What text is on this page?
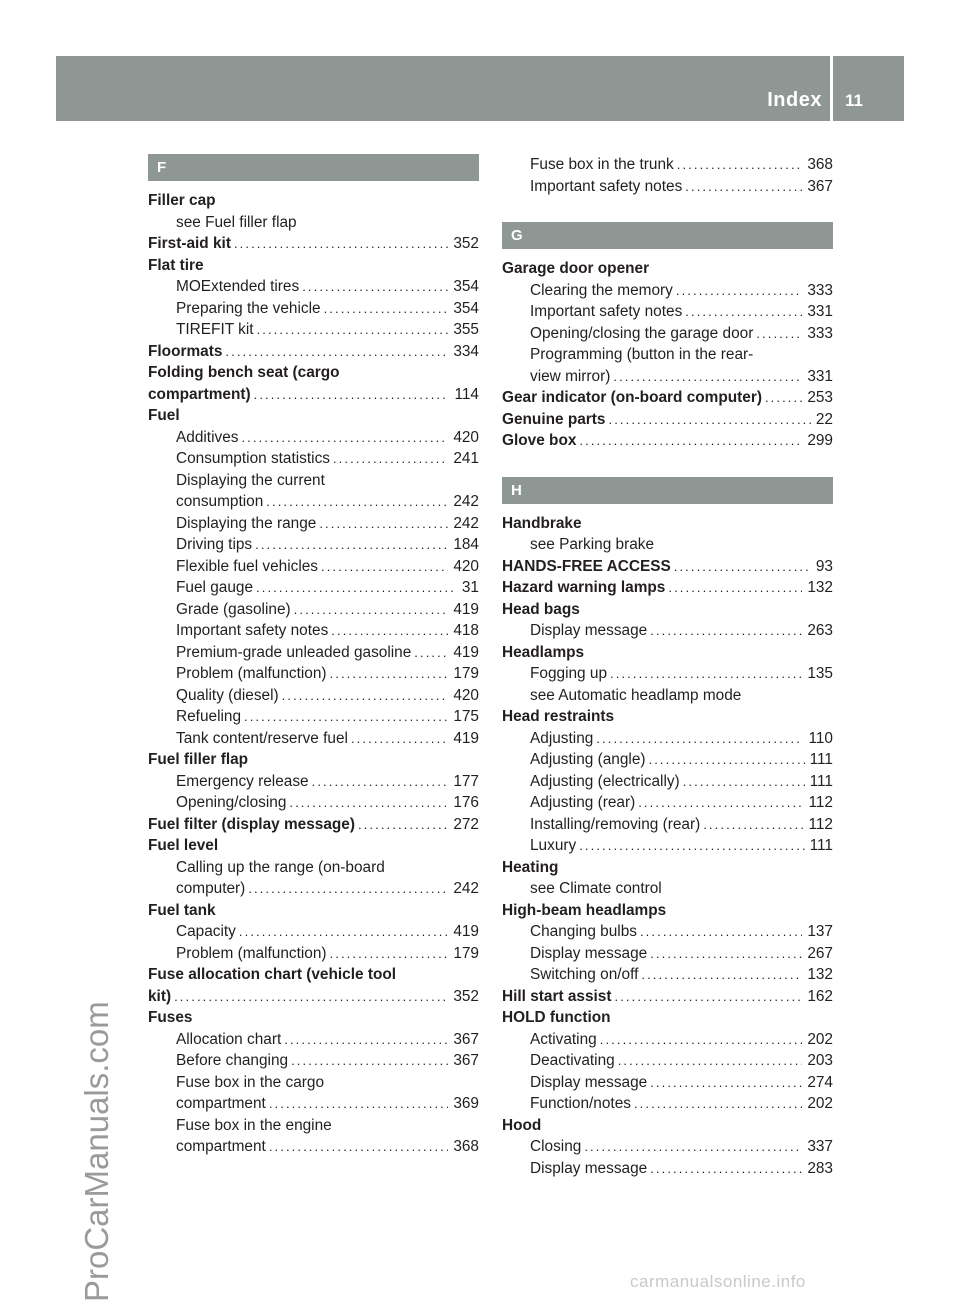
Index 11
ProCarManuals.com	carmanualsonline.info
F
Filler cap
see Fuel filler flap
First-aid kit .....	352
Flat tire
MOExtended tires .....	354
Preparing the vehicle .....	354
TIREFIT kit .....	355
Floormats .....	334
Folding bench seat (cargo
compartment) .....	114
Fuel
Additives .....	420
Consumption statistics .....	241
Displaying the current
consumption .....	242
Displaying the range .....	242
Driving tips .....	184
Flexible fuel vehicles .....	420
Fuel gauge .....	31
Grade (gasoline) .....	419
Important safety notes .....	418
Premium-grade unleaded gasoline .....	419
Problem (malfunction) .....	179
Quality (diesel) .....	420
Refueling .....	175
Tank content/reserve fuel .....	419
Fuel filler flap
Emergency release .....	177
Opening/closing .....	176
Fuel filter (display message) .....	272
Fuel level
Calling up the range (on-board
computer) .....	242
Fuel tank
Capacity .....	419
Problem (malfunction) .....	179
Fuse allocation chart (vehicle tool
kit) .....	352
Fuses
Allocation chart .....	367
Before changing .....	367
Fuse box in the cargo
compartment .....	369
Fuse box in the engine
compartment .....	368
Fuse box in the trunk .....	368
Important safety notes .....	367
G
Garage door opener
Clearing the memory .....	333
Important safety notes .....	331
Opening/closing the garage door .....	333
Programming (button in the rear-
view mirror) .....	331
Gear indicator (on-board computer) .....	253
Genuine parts .....	22
Glove box .....	299
H
Handbrake
see Parking brake
HANDS-FREE ACCESS .....	93
Hazard warning lamps .....	132
Head bags
Display message .....	263
Headlamps
Fogging up .....	135
see Automatic headlamp mode
Head restraints
Adjusting .....	110
Adjusting (angle) .....	111
Adjusting (electrically) .....	111
Adjusting (rear) .....	112
Installing/removing (rear) .....	112
Luxury .....	111
Heating
see Climate control
High-beam headlamps
Changing bulbs .....	137
Display message .....	267
Switching on/off .....	132
Hill start assist .....	162
HOLD function
Activating .....	202
Deactivating .....	203
Display message .....	274
Function/notes .....	202
Hood
Closing .....	337
Display message .....	283
